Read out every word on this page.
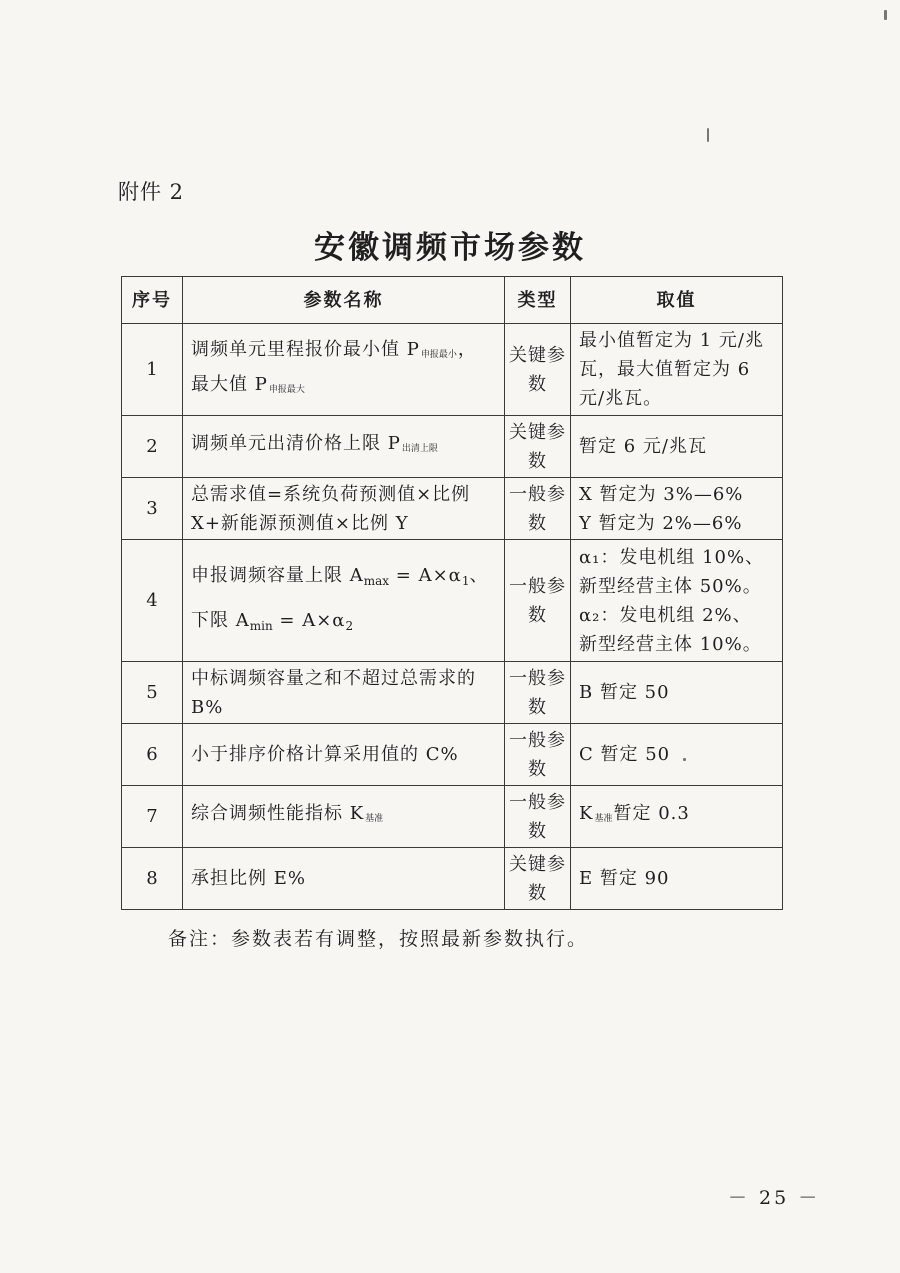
附件 2
安徽调频市场参数
序号	参数名称	类型	取值
1	调频单元里程报价最小值 $P_{申报最小}$，
最大值 $P_{申报最大}$	关键参数	最小值暂定为 1 元/兆瓦，最大值暂定为 6 元/兆瓦。
2	调频单元出清价格上限 $P_{出清上限}$	关键参数	暂定 6 元/兆瓦
3	总需求值=系统负荷预测值×比例X+新能源预测值×比例 Y	一般参数	X 暂定为 3%—6%
Y 暂定为 2%—6%
4	申报调频容量上限 $A_{max} = A\times\alpha_1$、
下限 $A_{min} = A\times\alpha_2$	一般参数	α₁：发电机组 10%、
新型经营主体 50%。
α₂：发电机组 2%、
新型经营主体 10%。
5	中标调频容量之和不超过总需求的 B%	一般参数	B 暂定 50
6	小于排序价格计算采用值的 C%	一般参数	C 暂定 50
7	综合调频性能指标 $K_{基准}$	一般参数	$K_{基准}$暂定 0.3
8	承担比例 E%	关键参数	E 暂定 90
备注：参数表若有调整，按照最新参数执行。
－ 25 －
